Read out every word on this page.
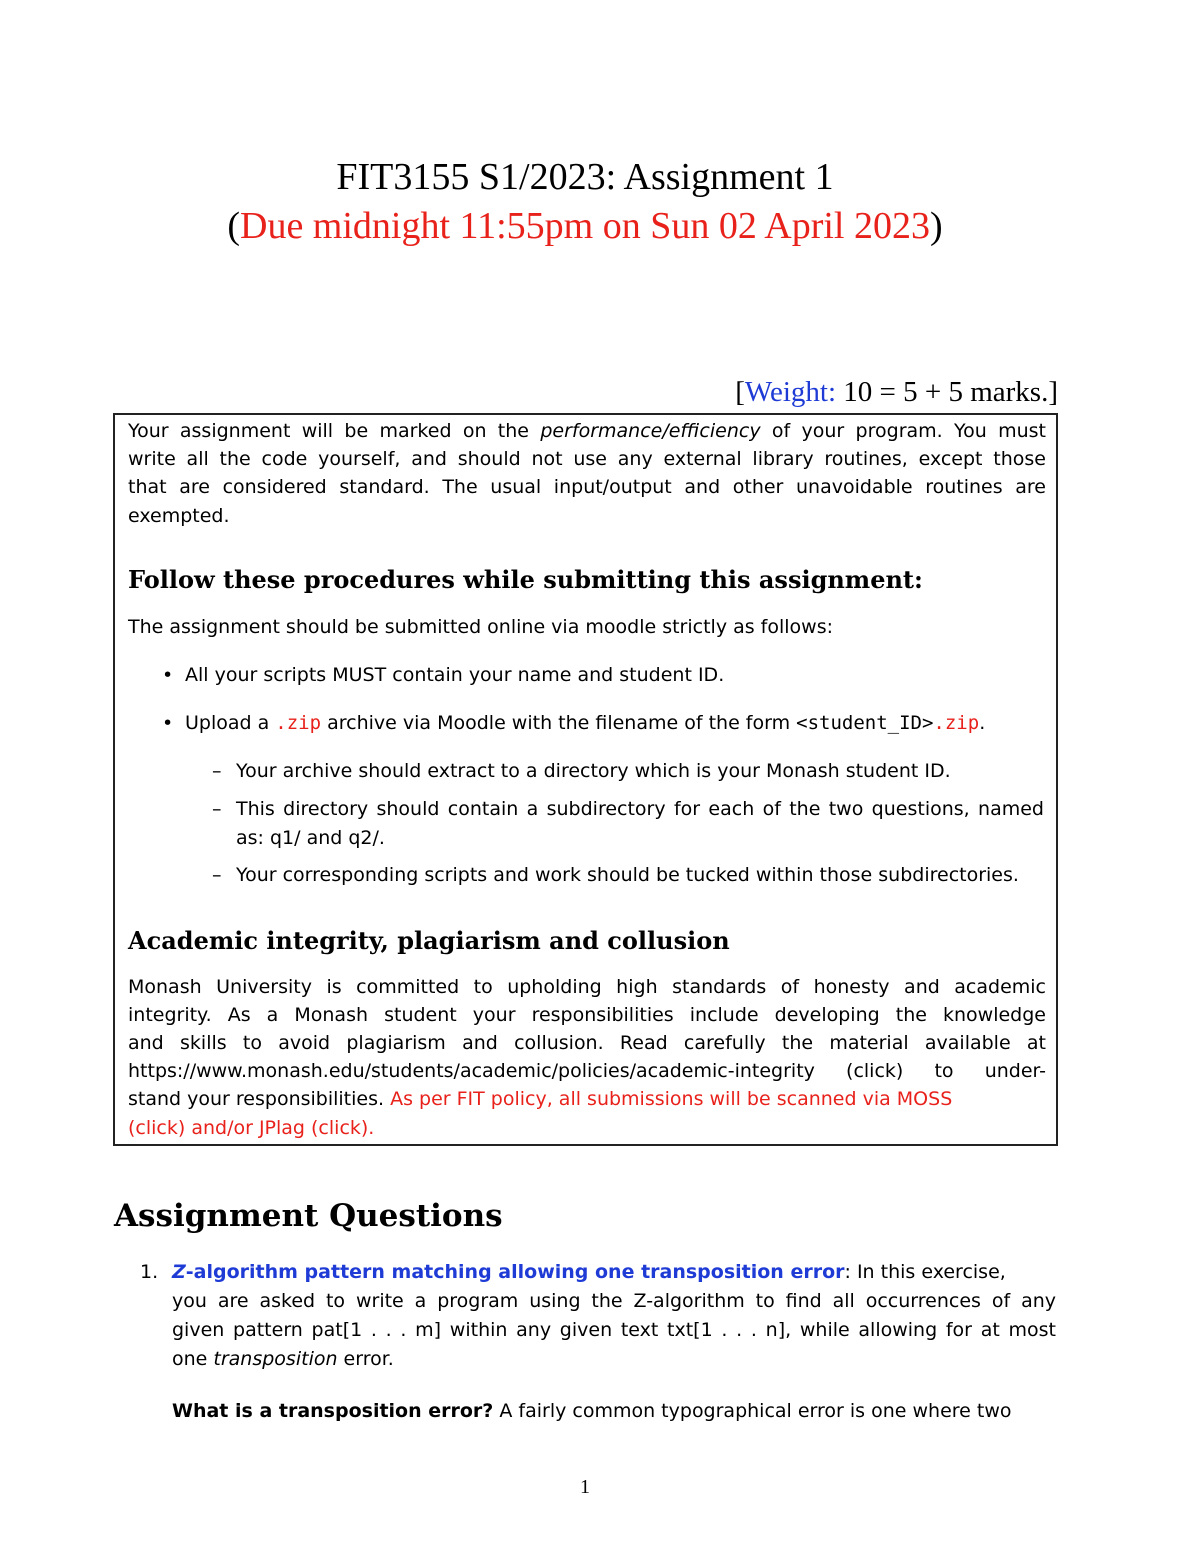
FIT3155 S1/2023: Assignment 1
(Due midnight 11:55pm on Sun 02 April 2023)
[Weight: 10 = 5 + 5 marks.]
Your assignment will be marked on the performance/efficiency of your program. You must
write all the code yourself, and should not use any external library routines, except those
that are considered standard. The usual input/output and other unavoidable routines are
exempted.
Follow these procedures while submitting this assignment:
The assignment should be submitted online via moodle strictly as follows:
• All your scripts MUST contain your name and student ID.
• Upload a .zip archive via Moodle with the filename of the form <student_ID>.zip.
– Your archive should extract to a directory which is your Monash student ID.
– This directory should contain a subdirectory for each of the two questions, named
as: q1/ and q2/.
– Your corresponding scripts and work should be tucked within those subdirectories.
Academic integrity, plagiarism and collusion
Monash University is committed to upholding high standards of honesty and academic
integrity. As a Monash student your responsibilities include developing the knowledge
and skills to avoid plagiarism and collusion. Read carefully the material available at
https://www.monash.edu/students/academic/policies/academic-integrity (click) to under-
stand your responsibilities. As per FIT policy, all submissions will be scanned via MOSS
(click) and/or JPlag (click).
Assignment Questions
1. Z-algorithm pattern matching allowing one transposition error: In this exercise,
you are asked to write a program using the Z-algorithm to find all occurrences of any
given pattern pat[1 . . . m] within any given text txt[1 . . . n], while allowing for at most
one transposition error.
What is a transposition error? A fairly common typographical error is one where two
1
